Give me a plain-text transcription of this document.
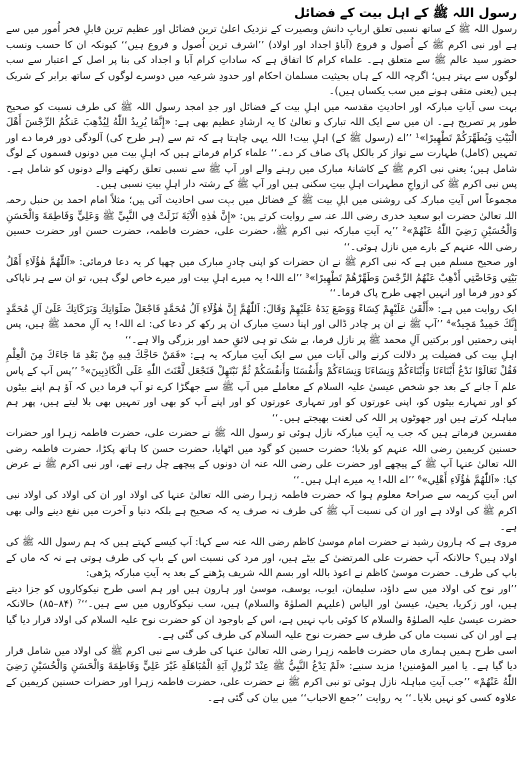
رسول اللہ ﷺ کے اہل بیت کے فضائل

رسول اللہ ﷺ کے ساتھ نسبی تعلق اربابِ دانش وبصیرت کے نزدیک اعلیٰ ترین فضائل اور عظیم ترین قابلِ فخر اُمور میں سے ہے اور نبی اکرم ﷺ کے اُصول و فروع (آباؤ اجداد اور اولاد) ’’اشرف ترین اُصول و فروع ہیں‘‘ کیونکہ ان کا حسب ونسب حضور سید عالم ﷺ سے متعلق ہے۔ علماء کرام کا اتفاق ہے کہ ساداتِ کرام آبا و اجداد کی بنا پر اصل کے اعتبار سے سب لوگوں سے بہتر ہیں؛ اگرچہ اللہ کے ہاں بحیثیت مسلمان احکام اور حدودِ شرعیہ میں دوسرے لوگوں کے ساتھ برابر کے شریک ہیں (یعنی متقی ہونے میں سب یکساں ہیں)۔

بہت سی آیاتِ مبارکہ اور احادیثِ مقدسہ میں اہلِ بیت کے فضائل اور جدِ امجد رسول اللہ ﷺ کی طرف نسبت کو صحیح طور پر تصریح ہے۔ ان میں سے ایک اللہ تبارک و تعالیٰ کا یہ ارشادِ عظیم بھی ہے: «إِنَّمَا يُرِيدُ اللّٰهُ لِيُذْهِبَ عَنكُمُ الرِّجْسَ أَهْلَ الْبَيْتِ وَيُطَهِّرَكُمْ تَطْهِيرًا»¹ ’’اے (رسول ﷺ کے) اہلِ بیت! اللہ یہی چاہتا ہے کہ تم سے (ہر طرح کی) آلودگی دور فرما دے اور تمہیں (کامل) طہارت سے نواز کر بالکل پاک صاف کر دے۔‘‘ علماء کرام فرماتے ہیں کہ اہلِ بیت میں دونوں قسموں کے لوگ شامل ہیں؛ یعنی نبی اکرم ﷺ کے کاشانۂ مبارک میں رہنے والے اور آپ ﷺ سے نسبی تعلق رکھنے والے دونوں کو شامل ہے۔ پس نبی اکرم ﷺ کی ازواجِ مطہرات اہلِ بیتِ سکنی ہیں اور آپ ﷺ کے رشتہ دار اہلِ بیتِ نسبی ہیں۔

مجموعاً اس آیتِ مبارکہ کی روشنی میں اہلِ بیت ﷺ کے فضائل میں بہت سی احادیث آئی ہیں؛ مثلاً امام احمد بن حنبل رحمہ اللہ تعالیٰ حضرت ابو سعید خدری رضی اللہ عنہ سے روایت کرتے ہیں: «إِنَّ هٰذِهِ الْآيَةَ نَزَلَتْ فِي النَّبِيِّ ﷺ وَعَلِيٍّ وَفَاطِمَةَ وَالْحَسَنِ وَالْحُسَيْنِ رَضِيَ اللّٰهُ عَنْهُمْ»² ’’یہ آیتِ مبارکہ نبی اکرم ﷺ، حضرت علی، حضرت فاطمہ، حضرت حسن اور حضرت حسین رضی اللہ عنہم کے بارے میں نازل ہوئی۔‘‘

اور صحیح مسلم میں ہے کہ نبی اکرم ﷺ نے ان حضرات کو اپنی چادرِ مبارک میں چھپا کر یہ دعا فرمائی: «اَللّٰهُمَّ هٰؤُلَاءِ أَهْلُ بَيْتِي وَخَاصَّتِي أَذْهِبْ عَنْهُمُ الرِّجْسَ وَطَهِّرْهُمْ تَطْهِيرًا»³ ’’اے اللہ! یہ میرے اہلِ بیت اور میرے خاص لوگ ہیں، تو ان سے ہر ناپاکی کو دور فرما اور انہیں اچھی طرح پاک فرما۔‘‘

ایک روایت میں ہے: «أَلْقَىٰ عَلَيْهِمْ كِسَاءً وَوَضَعَ يَدَهُ عَلَيْهِمْ وَقَالَ: اَللّٰهُمَّ إِنَّ هٰؤُلَاءِ آلُ مُحَمَّدٍ فَاجْعَلْ صَلَوَاتِكَ وَبَرَكَاتِكَ عَلَىٰ آلِ مُحَمَّدٍ إِنَّكَ حَمِيدٌ مَجِيدٌ»⁴ ’’آپ ﷺ نے ان پر چادر ڈالی اور اپنا دستِ مبارک ان پر رکھ کر دعا کی: اے اللہ! یہ آلِ محمد ﷺ ہیں، پس اپنی رحمتیں اور برکتیں آلِ محمد ﷺ پر نازل فرما، بے شک تو ہی لائقِ حمد اور بزرگی والا ہے۔‘‘

اہلِ بیت کی فضیلت پر دلالت کرنے والی آیات میں سے ایک آیتِ مبارکہ یہ ہے: «فَمَنْ حَاجَّكَ فِيهِ مِنْ بَعْدِ مَا جَاءَكَ مِنَ الْعِلْمِ فَقُلْ تَعَالَوْا نَدْعُ أَبْنَاءَنَا وَأَبْنَاءَكُمْ وَنِسَاءَنَا وَنِسَاءَكُمْ وَأَنفُسَنَا وَأَنفُسَكُمْ ثُمَّ نَبْتَهِلْ فَنَجْعَل لَّعْنَتَ اللّٰهِ عَلَى الْكَاذِبِينَ»⁵ ’’پس آپ کے پاس علم آ جانے کے بعد جو شخص عیسیٰ علیہ السلام کے معاملے میں آپ ﷺ سے جھگڑا کرے تو آپ فرما دیں کہ آؤ ہم اپنے بیٹوں کو اور تمہارے بیٹوں کو، اپنی عورتوں کو اور تمہاری عورتوں کو اور اپنے آپ کو بھی اور تمہیں بھی بلا لیتے ہیں، پھر ہم مباہلہ کرتے ہیں اور جھوٹوں پر اللہ کی لعنت بھیجتے ہیں۔‘‘

مفسرین فرماتے ہیں کہ جب یہ آیتِ مبارکہ نازل ہوئی تو رسول اللہ ﷺ نے حضرت علی، حضرت فاطمہ زہرا اور حضرات حسنین کریمین رضی اللہ عنہم کو بلایا؛ حضرت حسین کو گود میں اٹھایا، حضرت حسن کا ہاتھ پکڑا، حضرت فاطمہ رضی اللہ تعالیٰ عنہا آپ ﷺ کے پیچھے اور حضرت علی رضی اللہ عنہ ان دونوں کے پیچھے چل رہے تھے، اور نبی اکرم ﷺ نے عرض کیا: «اَللّٰهُمَّ هٰؤُلَاءِ أَهْلِي»⁶ ’’اے اللہ! یہ میرے اہل ہیں۔‘‘

اس آیتِ کریمہ سے صراحۃً معلوم ہوا کہ حضرت فاطمہ زہرا رضی اللہ تعالیٰ عنہا کی اولاد اور ان کی اولاد کی اولاد نبی اکرم ﷺ کی اولاد ہے اور ان کی نسبت آپ ﷺ کی طرف نہ صرف یہ کہ صحیح ہے بلکہ دنیا و آخرت میں نفع دینے والی بھی ہے۔

مروی ہے کہ ہارون رشید نے حضرت امام موسیٰ کاظم رضی اللہ عنہ سے کہا: آپ کیسے کہتے ہیں کہ ہم رسول اللہ ﷺ کی اولاد ہیں؟ حالانکہ آپ حضرت علی المرتضیٰ کے بیٹے ہیں، اور مرد کی نسبت اس کے باپ کی طرف ہوتی ہے نہ کہ ماں کے باپ کی طرف۔ حضرت موسیٰ کاظم نے اعوذ باللہ اور بسم اللہ شریف پڑھنے کے بعد یہ آیتِ مبارکہ پڑھی:

’’اور نوح کی اولاد میں سے داؤد، سلیمان، ایوب، یوسف، موسیٰ اور ہارون ہیں اور ہم اسی طرح نیکوکاروں کو جزا دیتے ہیں، اور زکریا، یحییٰ، عیسیٰ اور الیاس (علیہم الصلوٰۃ والسلام) ہیں، سب نیکوکاروں میں سے ہیں۔‘‘⁷ (۸۴–۸۵) حالانکہ حضرت عیسیٰ علیہ الصلوٰۃ والسلام کا کوئی باپ نہیں ہے، اس کے باوجود ان کو حضرت نوح علیہ السلام کی اولاد قرار دیا گیا ہے اور ان کی نسبت ماں کی طرف سے حضرت نوح علیہ السلام کی طرف کی گئی ہے۔

اسی طرح ہمیں ہماری ماں حضرت فاطمہ زہرا رضی اللہ تعالیٰ عنہا کی طرف سے نبی اکرم ﷺ کی اولاد میں شامل قرار دیا گیا ہے۔ یا امیر المؤمنین! مزید سنیے: «لَمْ يَدْعُ النَّبِيُّ ﷺ عِنْدَ نُزُولِ آيَةِ الْمُبَاهَلَةِ غَيْرَ عَلِيٍّ وَفَاطِمَةَ وَالْحَسَنِ وَالْحُسَيْنِ رَضِيَ اللّٰهُ عَنْهُمْ» ’’جب آیتِ مباہلہ نازل ہوئی تو نبی اکرم ﷺ نے حضرت علی، حضرت فاطمہ زہرا اور حضرات حسنین کریمین کے علاوہ کسی کو نہیں بلایا۔‘‘ یہ روایت ’’جمع الاحباب‘‘ میں بیان کی گئی ہے۔
